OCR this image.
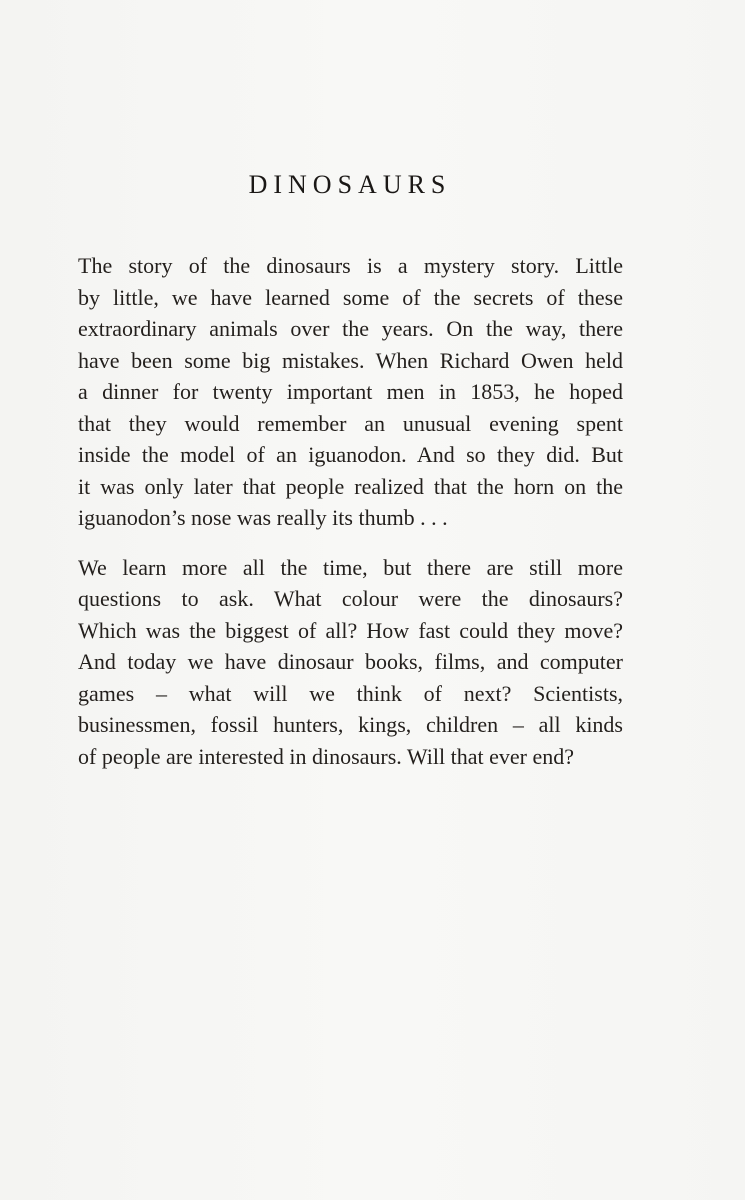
DINOSAURS

The story of the dinosaurs is a mystery story. Little
by little, we have learned some of the secrets of these
extraordinary animals over the years. On the way, there
have been some big mistakes. When Richard Owen held
a dinner for twenty important men in 1853, he hoped
that they would remember an unusual evening spent
inside the model of an iguanodon. And so they did. But
it was only later that people realized that the horn on the
iguanodon’s nose was really its thumb . . .

We learn more all the time, but there are still more
questions to ask. What colour were the dinosaurs?
Which was the biggest of all? How fast could they move?
And today we have dinosaur books, films, and computer
games – what will we think of next? Scientists,
businessmen, fossil hunters, kings, children – all kinds
of people are interested in dinosaurs. Will that ever end?
